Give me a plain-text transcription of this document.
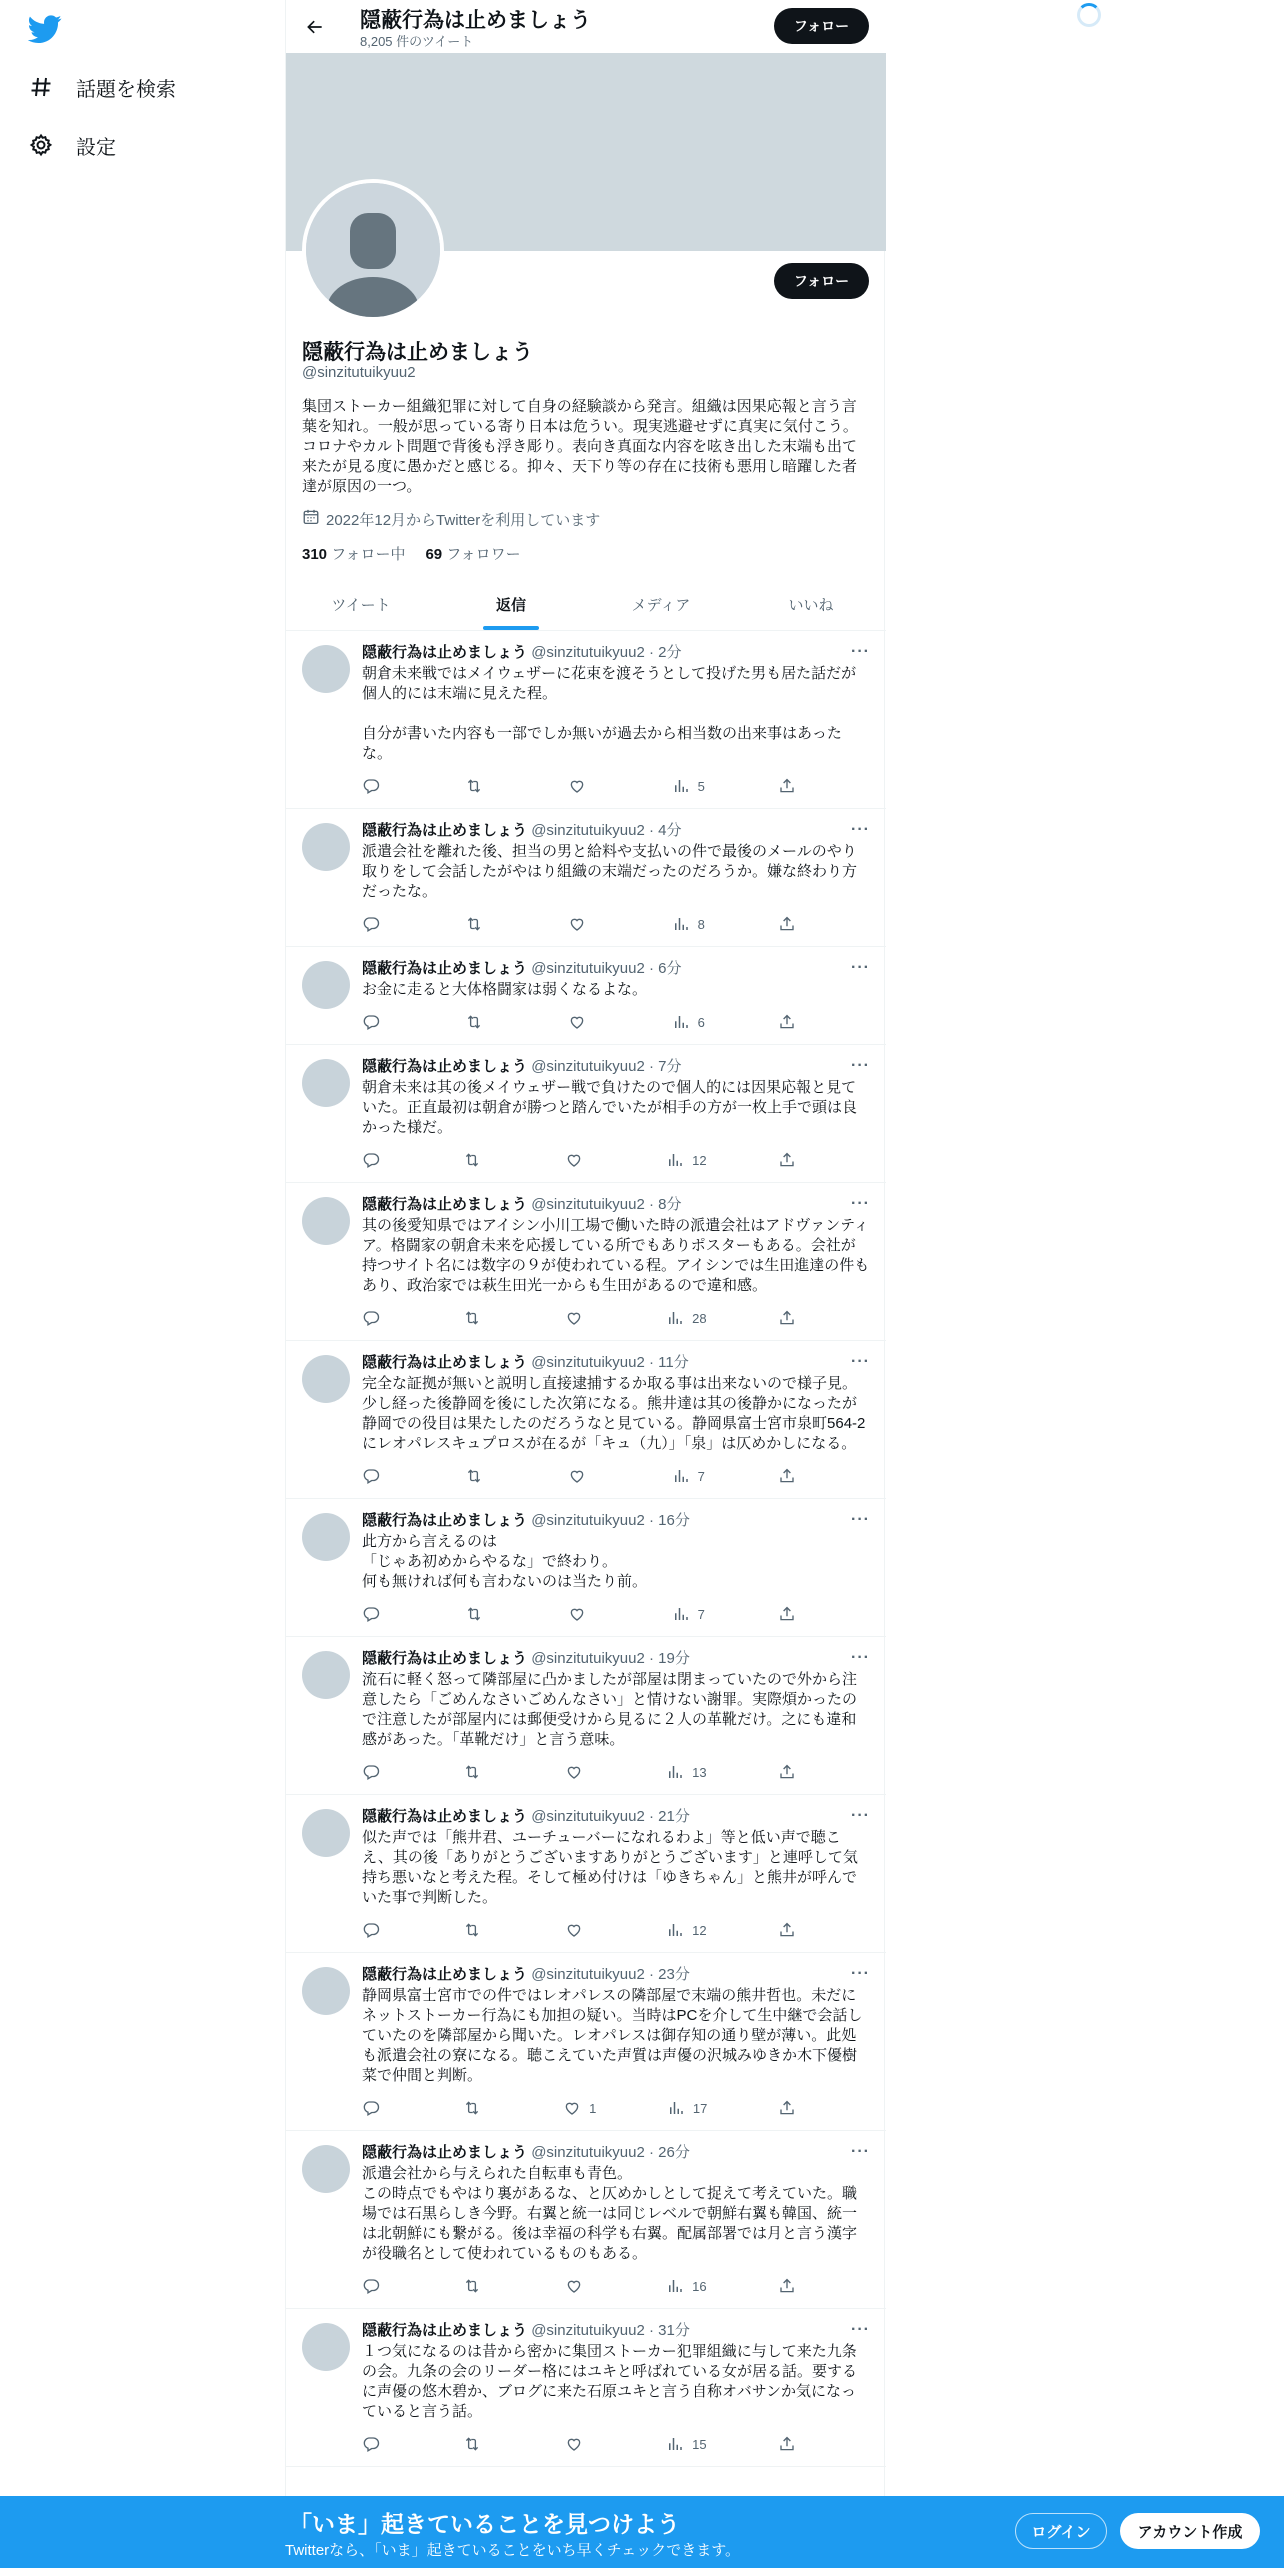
話題を検索
設定
隠蔽行為は止めましょう
8,205 件のツイート
フォロー
フォロー
隠蔽行為は止めましょう
@sinzitutuikyuu2
集団ストーカー組織犯罪に対して自身の経験談から発言。組織は因果応報と言う言葉を知れ。一般が思っている寄り日本は危うい。現実逃避せずに真実に気付こう。コロナやカルト問題で背後も浮き彫り。表向き真面な内容を呟き出した末端も出て来たが見る度に愚かだと感じる。抑々、天下り等の存在に技術も悪用し暗躍した者達が原因の一つ。
2022年12月からTwitterを利用しています
310 フォロー中 69 フォロワー
ツイート	返信	メディア	いいね
···
隠蔽行為は止めましょう @sinzitutuikyuu2 · 2分
朝倉未来戦ではメイウェザーに花束を渡そうとして投げた男も居た話だが個人的には末端に見えた程。

自分が書いた内容も一部でしか無いが過去から相当数の出来事はあったな。
5
···
隠蔽行為は止めましょう @sinzitutuikyuu2 · 4分
派遣会社を離れた後、担当の男と給料や支払いの件で最後のメールのやり取りをして会話したがやはり組織の末端だったのだろうか。嫌な終わり方だったな。
8
···
隠蔽行為は止めましょう @sinzitutuikyuu2 · 6分
お金に走ると大体格闘家は弱くなるよな。
6
···
隠蔽行為は止めましょう @sinzitutuikyuu2 · 7分
朝倉未来は其の後メイウェザー戦で負けたので個人的には因果応報と見ていた。正直最初は朝倉が勝つと踏んでいたが相手の方が一枚上手で頭は良かった様だ。
12
···
隠蔽行為は止めましょう @sinzitutuikyuu2 · 8分
其の後愛知県ではアイシン小川工場で働いた時の派遣会社はアドヴァンティア。格闘家の朝倉未来を応援している所でもありポスターもある。会社が持つサイト名には数字の９が使われている程。アイシンでは生田進達の件もあり、政治家では萩生田光一からも生田があるので違和感。
28
···
隠蔽行為は止めましょう @sinzitutuikyuu2 · 11分
完全な証拠が無いと説明し直接逮捕するか取る事は出来ないので様子見。少し経った後静岡を後にした次第になる。熊井達は其の後静かになったが静岡での役目は果たしたのだろうなと見ている。静岡県富士宮市泉町564-2にレオパレスキュプロスが在るが「キュ（九）」「泉」は仄めかしになる。
7
···
隠蔽行為は止めましょう @sinzitutuikyuu2 · 16分
此方から言えるのは
「じゃあ初めからやるな」で終わり。
何も無ければ何も言わないのは当たり前。
7
···
隠蔽行為は止めましょう @sinzitutuikyuu2 · 19分
流石に軽く怒って隣部屋に凸かましたが部屋は閉まっていたので外から注意したら「ごめんなさいごめんなさい」と情けない謝罪。実際煩かったので注意したが部屋内には郵便受けから見るに２人の革靴だけ。之にも違和感があった。「革靴だけ」と言う意味。
13
···
隠蔽行為は止めましょう @sinzitutuikyuu2 · 21分
似た声では「熊井君、ユーチューバーになれるわよ」等と低い声で聴こえ、其の後「ありがとうございますありがとうございます」と連呼して気持ち悪いなと考えた程。そして極め付けは「ゆきちゃん」と熊井が呼んでいた事で判断した。
12
···
隠蔽行為は止めましょう @sinzitutuikyuu2 · 23分
静岡県富士宮市での件ではレオパレスの隣部屋で末端の熊井哲也。未だにネットストーカー行為にも加担の疑い。当時はPCを介して生中継で会話していたのを隣部屋から聞いた。レオパレスは御存知の通り壁が薄い。此処も派遣会社の寮になる。聴こえていた声質は声優の沢城みゆきか木下優樹菜で仲間と判断。
1	17
···
隠蔽行為は止めましょう @sinzitutuikyuu2 · 26分
派遣会社から与えられた自転車も青色。
この時点でもやはり裏があるな、と仄めかしとして捉えて考えていた。職場では石黒らしき今野。右翼と統一は同じレベルで朝鮮右翼も韓国、統一は北朝鮮にも繋がる。後は幸福の科学も右翼。配属部署では月と言う漢字が役職名として使われているものもある。
16
···
隠蔽行為は止めましょう @sinzitutuikyuu2 · 31分
１つ気になるのは昔から密かに集団ストーカー犯罪組織に与して来た九条の会。九条の会のリーダー格にはユキと呼ばれている女が居る話。要するに声優の悠木碧か、ブログに来た石原ユキと言う自称オバサンか気になっていると言う話。
15
「いま」起きていることを見つけよう
Twitterなら、「いま」起きていることをいち早くチェックできます。
ログイン	アカウント作成
